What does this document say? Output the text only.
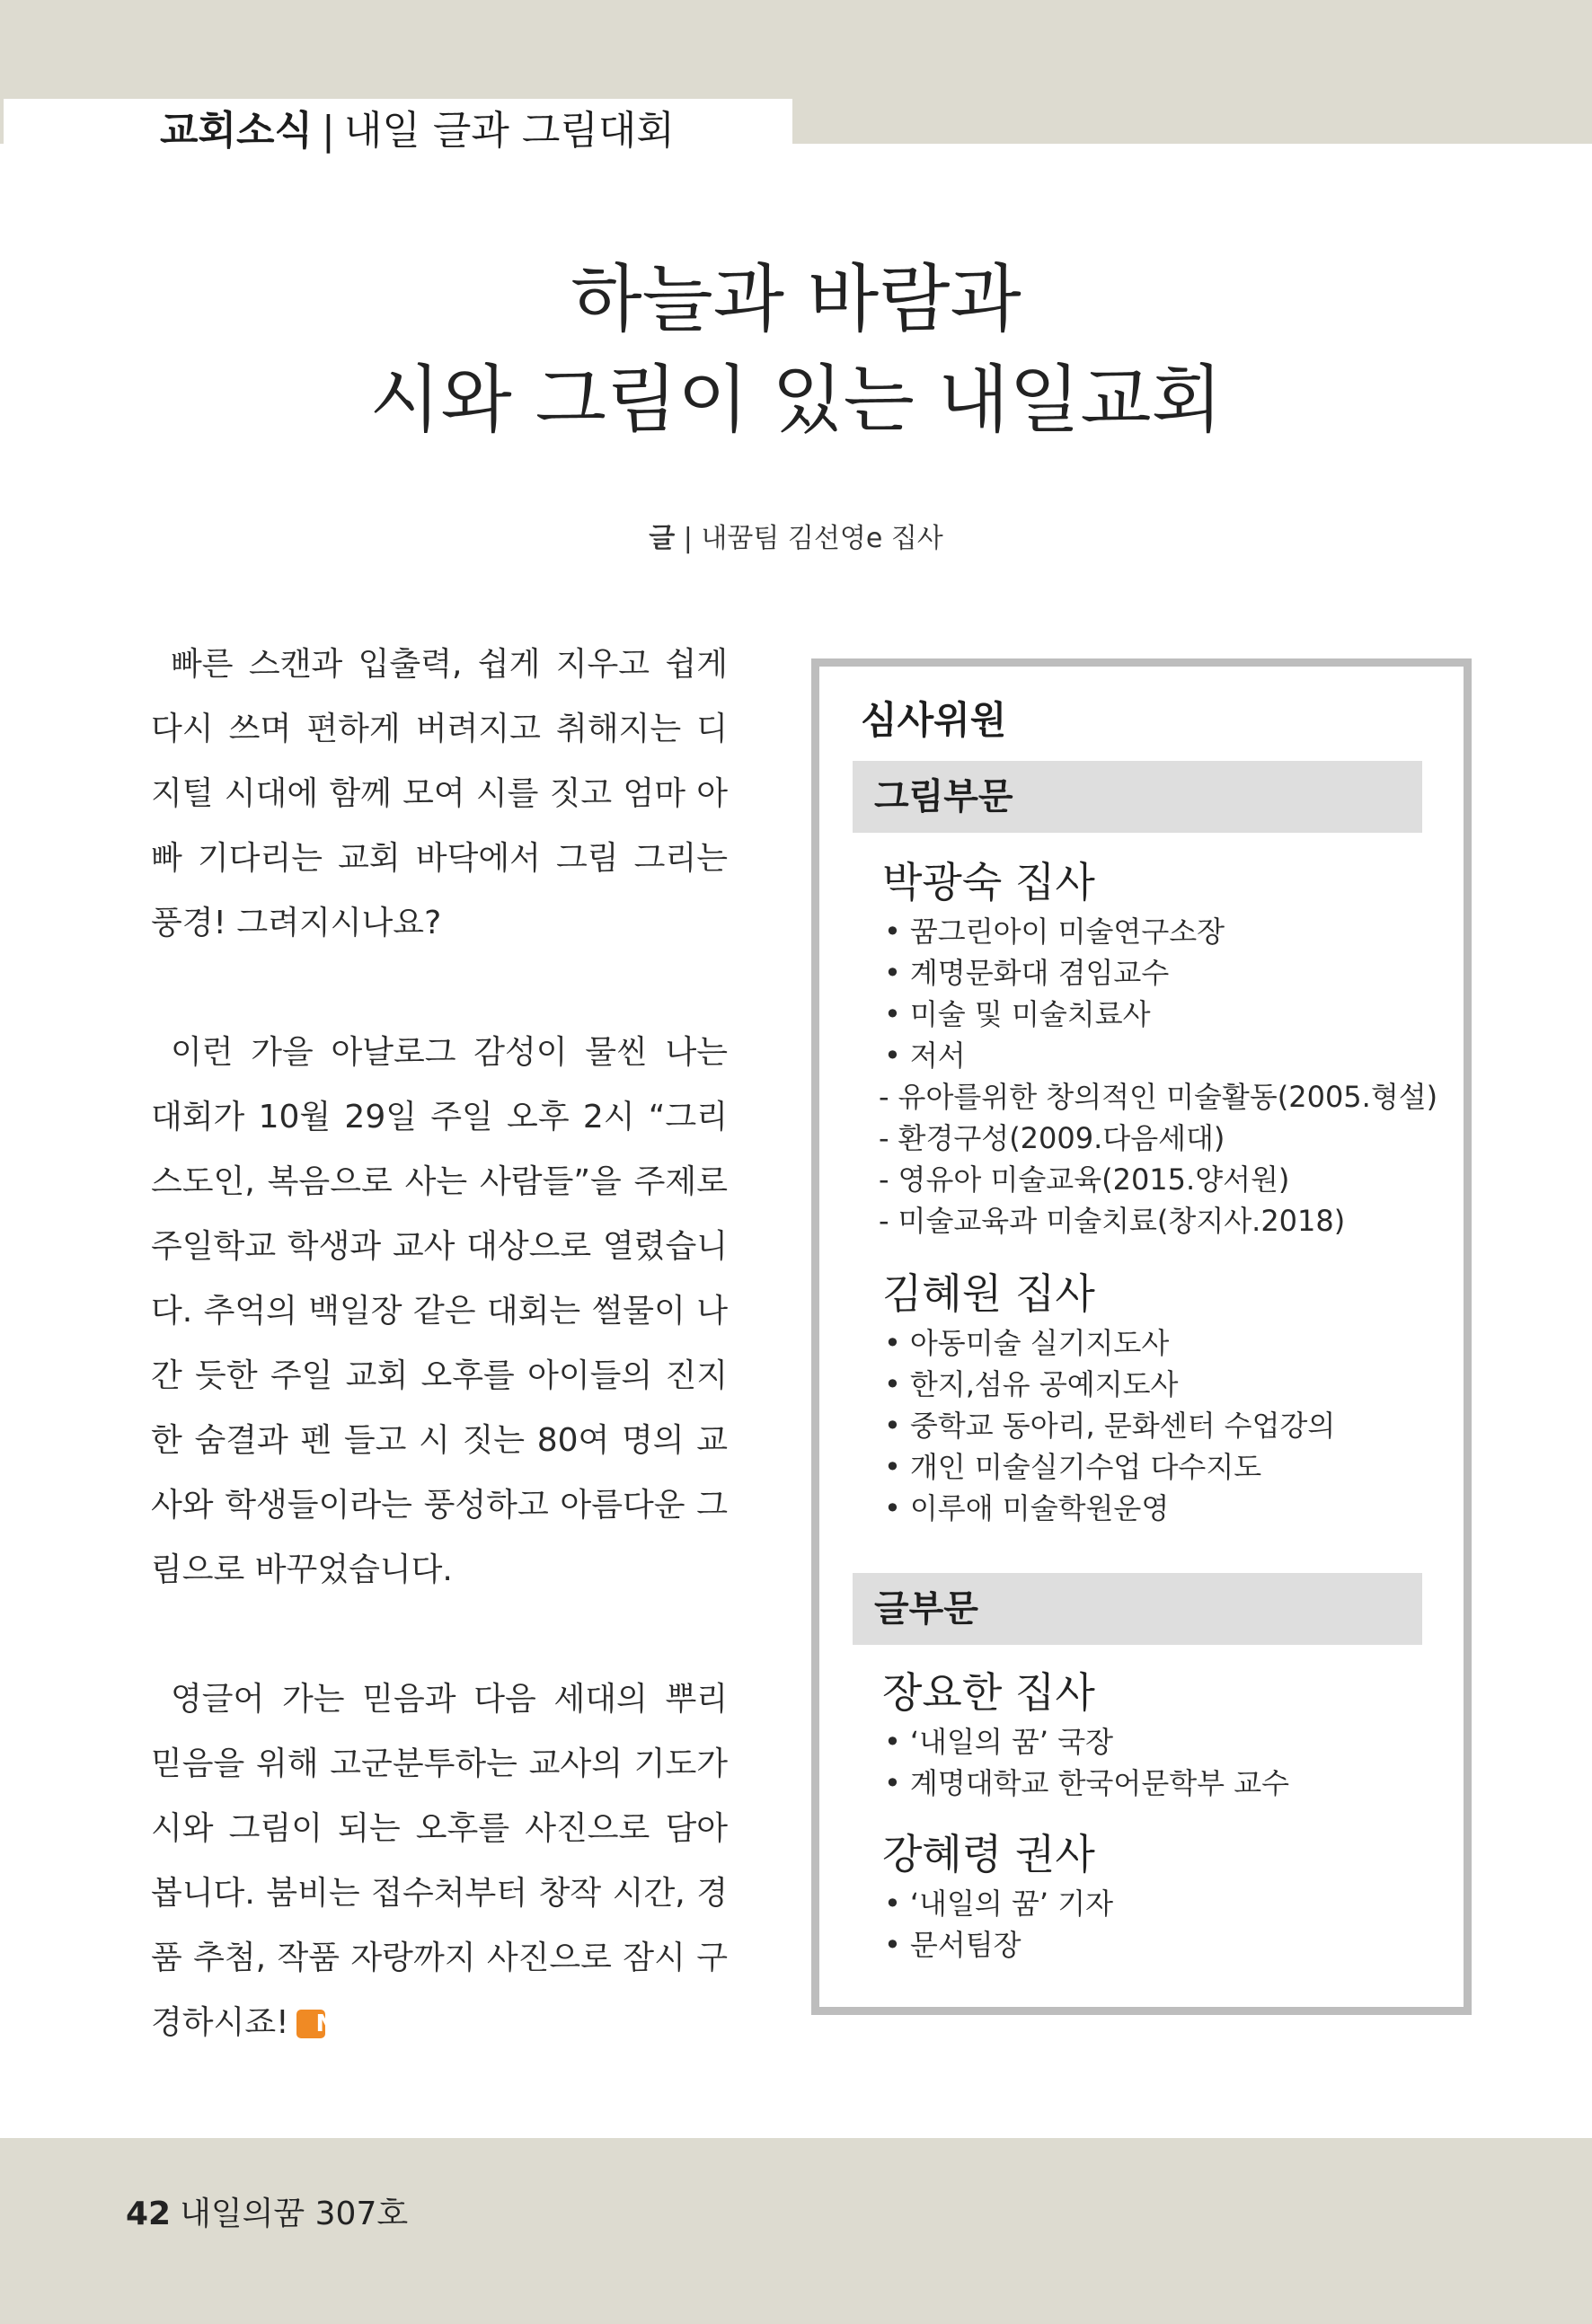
교회소식 | 내일 글과 그림대회
하늘과 바람과
시와 그림이 있는 내일교회
글 | 내꿈팀 김선영e 집사

빠른 스캔과 입출력, 쉽게 지우고 쉽게 다시 쓰며 편하게 버려지고 취해지는 디지털 시대에 함께 모여 시를 짓고 엄마 아빠 기다리는 교회 바닥에서 그림 그리는 풍경! 그려지시나요?

이런 가을 아날로그 감성이 물씬 나는 대회가 10월 29일 주일 오후 2시 “그리스도인, 복음으로 사는 사람들”을 주제로 주일학교 학생과 교사 대상으로 열렸습니다. 추억의 백일장 같은 대회는 썰물이 나간 듯한 주일 교회 오후를 아이들의 진지한 숨결과 펜 들고 시 짓는 80여 명의 교사와 학생들이라는 풍성하고 아름다운 그림으로 바꾸었습니다.

영글어 가는 믿음과 다음 세대의 뿌리 믿음을 위해 고군분투하는 교사의 기도가 시와 그림이 되는 오후를 사진으로 담아 봅니다. 붐비는 접수처부터 창작 시간, 경품 추첨, 작품 자랑까지 사진으로 잠시 구경하시죠! N

심사위원
그림부문
박광숙 집사
• 꿈그린아이 미술연구소장
• 계명문화대 겸임교수
• 미술 및 미술치료사
• 저서
- 유아를위한 창의적인 미술활동(2005.형설)
- 환경구성(2009.다음세대)
- 영유아 미술교육(2015.양서원)
- 미술교육과 미술치료(창지사.2018)
김혜원 집사
• 아동미술 실기지도사
• 한지,섬유 공예지도사
• 중학교 동아리, 문화센터 수업강의
• 개인 미술실기수업 다수지도
• 이루애 미술학원운영
글부문
장요한 집사
• ‘내일의 꿈’ 국장
• 계명대학교 한국어문학부 교수
강혜령 권사
• ‘내일의 꿈’ 기자
• 문서팀장
42 내일의꿈 307호
